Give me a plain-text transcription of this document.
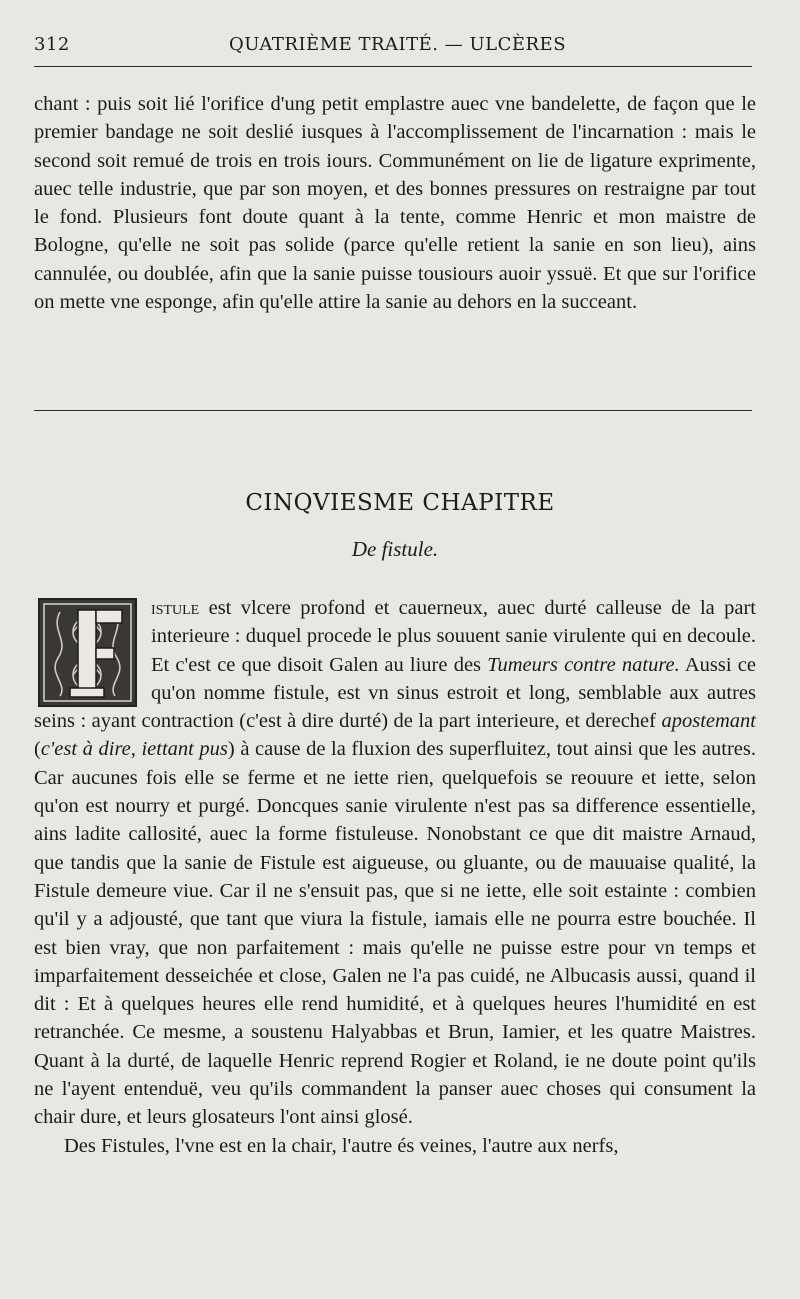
312	QUATRIÈME TRAITÉ. — ULCÈRES

chant : puis soit lié l'orifice d'ung petit emplastre auec vne bandelette, de façon que le premier bandage ne soit deslié iusques à l'accomplissement de l'incarnation : mais le second soit remué de trois en trois iours. Communément on lie de ligature exprimente, auec telle industrie, que par son moyen, et des bonnes pressures on restraigne par tout le fond. Plusieurs font doute quant à la tente, comme Henric et mon maistre de Bologne, qu'elle ne soit pas solide (parce qu'elle retient la sanie en son lieu), ains cannulée, ou doublée, afin que la sanie puisse tousiours auoir yssuë. Et que sur l'orifice on mette vne esponge, afin qu'elle attire la sanie au dehors en la succeant.

CINQVIESME CHAPITRE
De fistule.

istule est vlcere profond et cauerneux, auec durté calleuse de la part interieure : duquel procede le plus souuent sanie virulente qui en decoule. Et c'est ce que disoit Galen au liure des Tumeurs contre nature. Aussi ce qu'on nomme fistule, est vn sinus estroit et long, semblable aux autres seins : ayant contraction (c'est à dire durté) de la part interieure, et derechef apostemant (c'est à dire, iettant pus) à cause de la fluxion des superfluitez, tout ainsi que les autres. Car aucunes fois elle se ferme et ne iette rien, quelquefois se reouure et iette, selon qu'on est nourry et purgé. Doncques sanie virulente n'est pas sa difference essentielle, ains ladite callosité, auec la forme fistuleuse. Nonobstant ce que dit maistre Arnaud, que tandis que la sanie de Fistule est aigueuse, ou gluante, ou de mauuaise qualité, la Fistule demeure viue. Car il ne s'ensuit pas, que si ne iette, elle soit estainte : combien qu'il y a adjousté, que tant que viura la fistule, iamais elle ne pourra estre bouchée. Il est bien vray, que non parfaitement : mais qu'elle ne puisse estre pour vn temps et imparfaitement desseichée et close, Galen ne l'a pas cuidé, ne Albucasis aussi, quand il dit : Et à quelques heures elle rend humidité, et à quelques heures l'humidité en est retranchée. Ce mesme, a soustenu Halyabbas et Brun, Iamier, et les quatre Maistres. Quant à la durté, de laquelle Henric reprend Rogier et Roland, ie ne doute point qu'ils ne l'ayent entenduë, veu qu'ils commandent la panser auec choses qui consument la chair dure, et leurs glosateurs l'ont ainsi glosé.

Des Fistules, l'vne est en la chair, l'autre és veines, l'autre aux nerfs,
